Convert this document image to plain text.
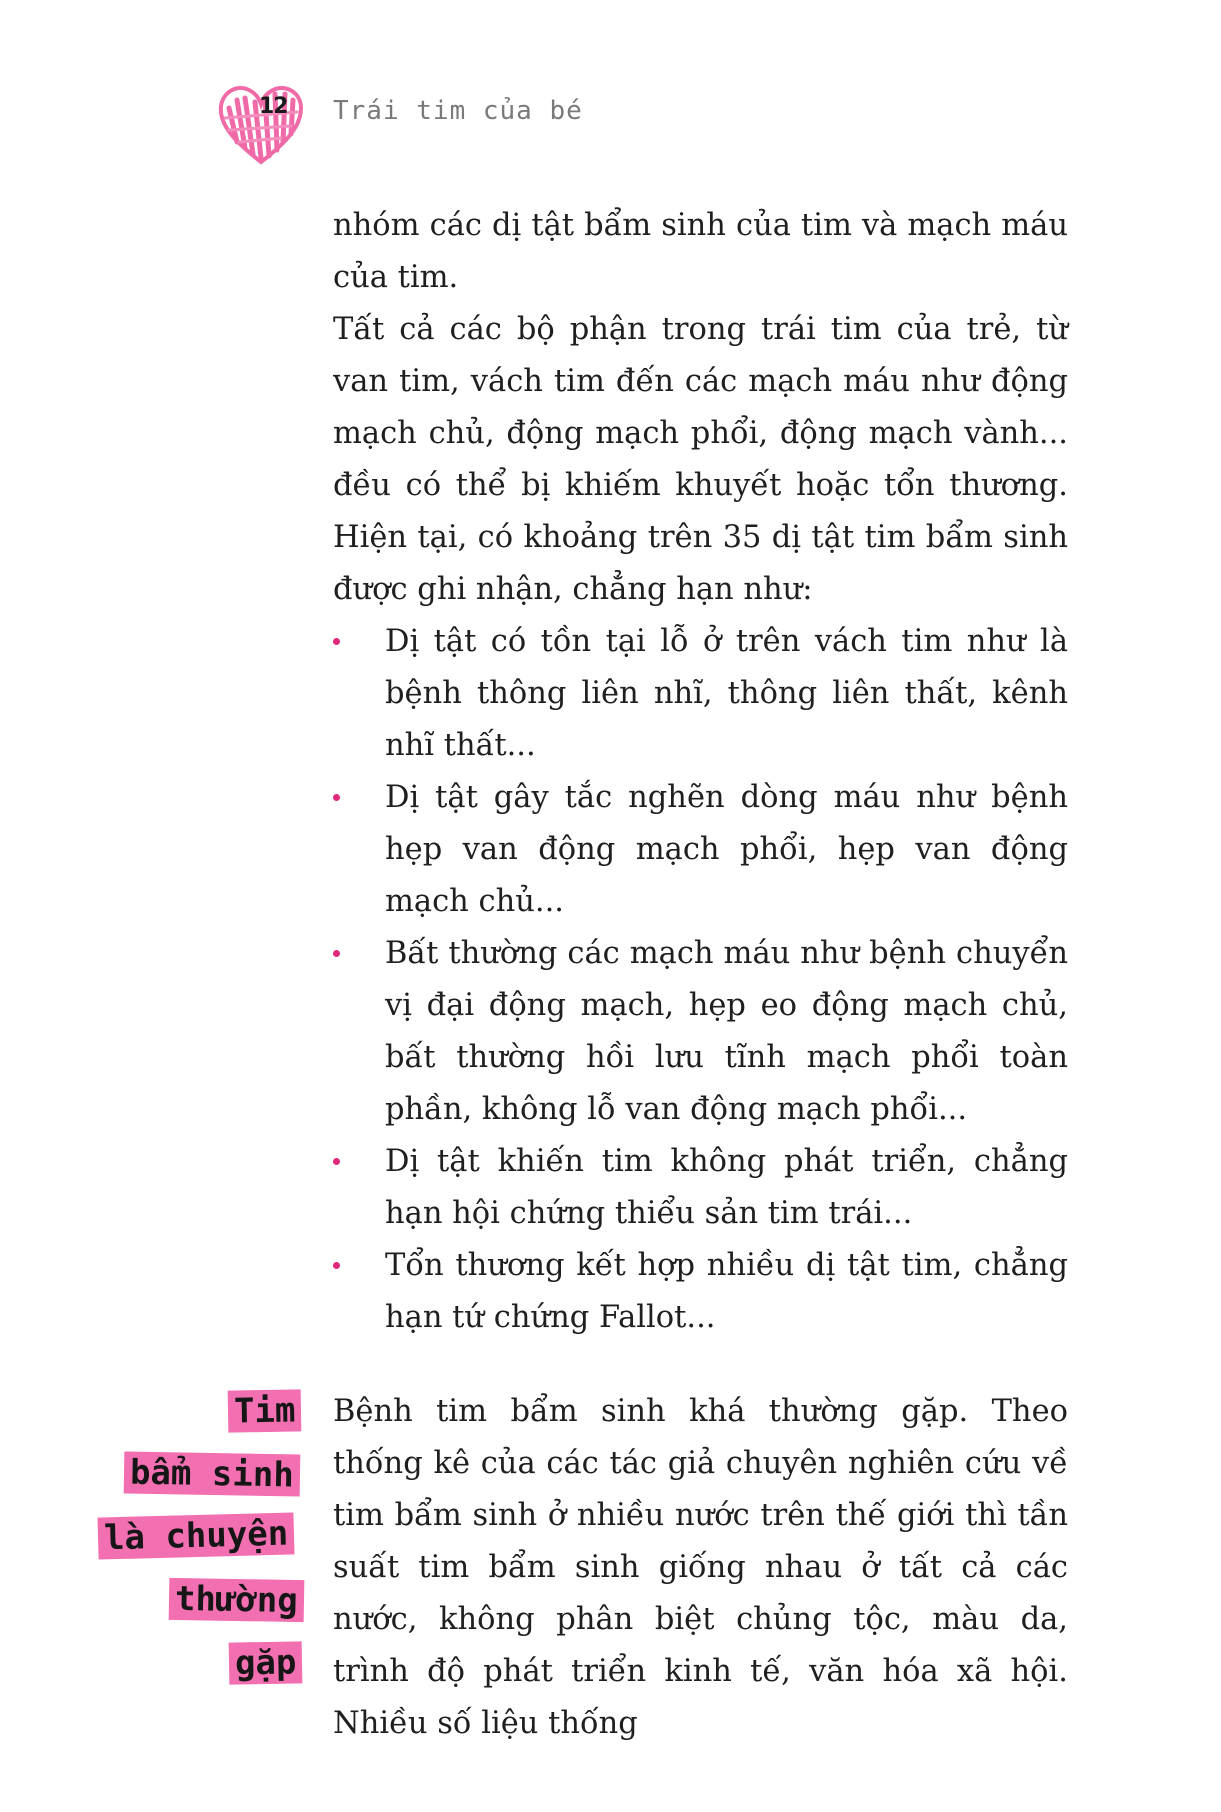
12 Trái tim của bé

nhóm các dị tật bẩm sinh của tim và mạch máu của tim.

Tất cả các bộ phận trong trái tim của trẻ, từ van tim, vách tim đến các mạch máu như động mạch chủ, động mạch phổi, động mạch vành... đều có thể bị khiếm khuyết hoặc tổn thương. Hiện tại, có khoảng trên 35 dị tật tim bẩm sinh được ghi nhận, chẳng hạn như:

Dị tật có tồn tại lỗ ở trên vách tim như là bệnh thông liên nhĩ, thông liên thất, kênh nhĩ thất...
Dị tật gây tắc nghẽn dòng máu như bệnh hẹp van động mạch phổi, hẹp van động mạch chủ...
Bất thường các mạch máu như bệnh chuyển vị đại động mạch, hẹp eo động mạch chủ, bất thường hồi lưu tĩnh mạch phổi toàn phần, không lỗ van động mạch phổi...
Dị tật khiến tim không phát triển, chẳng hạn hội chứng thiểu sản tim trái...
Tổn thương kết hợp nhiều dị tật tim, chẳng hạn tứ chứng Fallot...
Tim
bẩm sinh
là chuyện
thường
gặp

Bệnh tim bẩm sinh khá thường gặp. Theo thống kê của các tác giả chuyên nghiên cứu về tim bẩm sinh ở nhiều nước trên thế giới thì tần suất tim bẩm sinh giống nhau ở tất cả các nước, không phân biệt chủng tộc, màu da, trình độ phát triển kinh tế, văn hóa xã hội. Nhiều số liệu thống
